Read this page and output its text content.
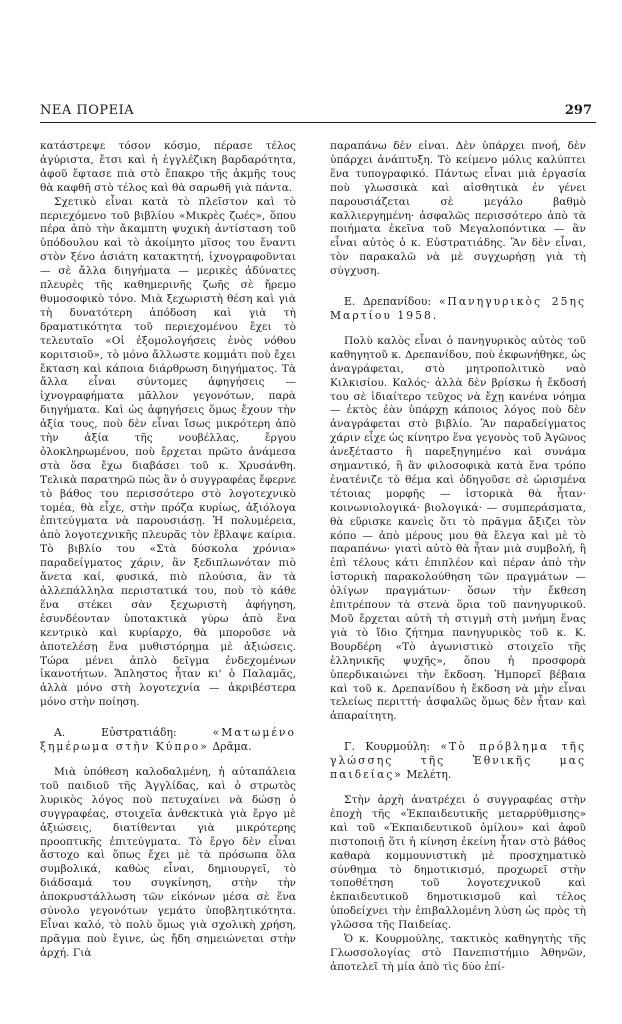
ΝΕΑ ΠΟΡΕΙΑ	297

κατάστρεψε τόσον κόσμο, πέρασε τέλος ἀγύριστα, ἔτσι καὶ ἡ ἐγγλέζικη βαρδαρότητα, ἀφοῦ ἔφτασε πιὰ στὸ ἔπακρο τῆς ἀκμῆς τους θὰ καφθῆ στὸ τέλος καὶ θὰ σαρωθῆ γιὰ πάντα.

Σχετικὸ εἶναι κατὰ τὸ πλεῖστον καὶ τὸ περιεχόμενο τοῦ βιβλίου «Μικρὲς ζωές», ὅπου πέρα ἀπὸ τὴν ἄκαμπτη ψυχικὴ ἀντίσταση τοῦ ὑπόδουλου καὶ τὸ ἀκοίμητο μῖσος του ἔναντι στὸν ξένο ἀσιάτη κατακτητή, ἰχνογραφοῦνται — σὲ ἄλλα διηγήματα — μερικὲς ἀδύνατες πλευρὲς τῆς καθημερινῆς ζωῆς σὲ ἤρεμο θυμοσοφικὸ τόνο. Μιὰ ξεχωριστὴ θέση καὶ γιὰ τὴ δυνατότερη ἀπόδοση καὶ γιὰ τὴ δραματικότητα τοῦ περιεχομένου ἔχει τὸ τελευταῖο «Οἱ ἑξομολογήσεις ἑνὸς νόθου κοριτσιοῦ», τὸ μόνο ἄλλωστε κομμάτι ποὺ ἔχει ἔκταση καὶ κάποια διάρθρωση διηγήματος. Τὰ ἄλλα εἶναι σύντομες ἀφηγήσεις — ἰχνογραφήματα μᾶλλον γεγονότων, παρὰ διηγήματα. Καὶ ὡς ἀφηγήσεις ὅμως ἔχουν τὴν ἀξία τους, ποὺ δὲν εἶναι ἴσως μικρότερη ἀπὸ τὴν ἀξία τῆς νουβέλλας, ἔργου ὁλοκληρωμένου, ποὺ ἔρχεται πρῶτο ἀνάμεσα στὰ ὅσα ἔχω διαβάσει τοῦ κ. Χρυσάνθη. Τελικὰ παρατηρῶ πὼς ἂν ὁ συγγραφέας ἔφερνε τὸ βάθος του περισσότερο στὸ λογοτεχνικὸ τομέα, θὰ εἶχε, στὴν πρόζα κυρίως, ἀξιόλογα ἐπιτεύγματα νὰ παρουσιάσῃ. Ἡ πολυμέρεια, ἀπὸ λογοτεχνικῆς πλευρᾶς τὸν ἔβλαψε καίρια. Τὸ βιβλίο του «Στὰ δύσκολα χρόνια» παραδείγματος χάριν, ἂν ξεδιπλωνόταν πιὸ ἄνετα καί, φυσικά, πιὸ πλούσια, ἂν τὰ ἀλλεπάλληλα περιστατικά του, ποὺ τὸ κάθε ἕνα στέκει σὰν ξεχωριστὴ ἀφήγηση, ἐσυνδέονταν ὑποτακτικὰ γύρω ἀπὸ ἕνα κεντρικὸ καὶ κυρίαρχο, θὰ μποροῦσε νὰ ἀποτελέσῃ ἕνα μυθιστόρημα μὲ ἀξιώσεις. Τώρα μένει ἀπλὸ δεῖγμα ἐνδεχομένων ἱκανοτήτων. Ἄπληστος ἦταν κι' ὁ Παλαμᾶς, ἀλλὰ μόνο στὴ λογοτεχνία — ἀκριβέστερα μόνο στὴν ποίηση.

Α. Εὐστρατιάδη:	«Ματωμένο ξημέρωμα στὴν Κύπρο» Δρᾶμα.

Μιὰ ὑπόθεση καλοδαλμένη, ἡ αὐταπάλεια τοῦ παιδιοῦ τῆς Ἀγγλίδας, καὶ ὁ στρωτὸς λυρικὸς λόγος ποὺ πετυχαίνει νὰ δώσῃ ὁ συγγραφέας, στοιχεῖα ἀνθεκτικὰ γιὰ ἔργο μὲ ἀξιώσεις, διατίθενται γιὰ μικρότερης προοπτικῆς ἐπιτεύγματα. Τὸ ἔργο δὲν εἶναι ἄστοχο καὶ ὅπως ἔχει μὲ τὰ πρόσωπα ὅλα συμβολικά, καθὼς εἶναι, δημιουργεῖ, τὸ διάδσαμά του συγκίνηση, στὴν τὴν ἀποκρυστάλλωση τῶν εἰκόνων μέσα σὲ ἕνα σύνολο γεγονότων γεμάτο ὑποβλητικότητα. Εἶναι καλό, τὸ πολὺ ὅμως γιὰ σχολικὴ χρήση, πρᾶγμα ποὺ ἔγινε, ὡς ἤδη σημειώνεται στὴν ἀρχή. Γιὰ

παραπάνω δὲν εἶναι. Δὲν ὑπάρχει πνοή, δὲν ὑπάρχει ἀνάπτυξη. Τὸ κείμενο μόλις καλύπτει ἕνα τυπογραφικό. Πάντως εἶναι μιὰ ἐργασία ποὺ γλωσσικὰ καὶ αἰσθητικὰ ἐν γένει παρουσιάζεται σὲ μεγάλο βαθμὸ καλλιεργημένη· ἀσφαλῶς περισσότερο ἀπὸ τὰ ποιήματα ἐκεῖνα τοῦ Μεγαλοπόντικα — ἂν εἶναι αὐτὸς ὁ κ. Εὐστρατιάδης. Ἂν δὲν εἶναι, τὸν παρακαλῶ νὰ μὲ συγχωρήσῃ γιὰ τὴ σύγχυση.

Ε. Δρεπανίδου: «Πανηγυρικὸς 25ης Μαρτίου 1958.

Πολὺ καλὸς εἶναι ὁ πανηγυρικὸς αὐτὸς τοῦ καθηγητοῦ κ. Δρεπανίδου, ποὺ ἐκφωνήθηκε, ὡς ἀναγράφεται, στὸ μητροπολιτικὸ ναὸ Κιλκισίου. Καλός· ἀλλὰ δὲν βρίσκω ἡ ἔκδοσή του σὲ ἰδιαίτερο τεῦχος νὰ ἔχῃ κανένα νόημα — ἐκτὸς ἐὰν ὑπάρχῃ κάποιος λόγος ποὺ δὲν ἀναγράφεται στὸ βιβλίο. Ἂν παραδείγματος χάριν εἶχε ὡς κίνητρο ἕνα γεγονὸς τοῦ Ἀγῶνος ἀνεξέταστο ἢ παρεξηγημένο καὶ συνάμα σημαντικό, ἢ ἂν φιλοσοφικὰ κατὰ ἕνα τρόπο ἐνατένιζε τὸ θέμα καὶ ὁδηγοῦσε σὲ ὡρισμένα τέτοιας μορφῆς — ἱστορικὰ θὰ ἦταν· κοινωνιολογικά· βιολογικά· — συμπεράσματα, θὰ εὕρισκε κανεὶς ὅτι τὸ πρᾶγμα ἄξιζει τὸν κόπο — ἀπὸ μέρους μου θὰ ἔλεγα καὶ μὲ τὸ παραπάνω· γιατὶ αὐτὸ θὰ ἦταν μιὰ συμβολή, ἢ ἐπὶ τέλους κάτι ἐπιπλέον καὶ πέραν ἀπὸ τὴν ἱστορικὴ παρακολούθηση τῶν πραγμάτων — ὀλίγων πραγμάτων· ὅσων τὴν ἔκθεση ἐπιτρέπουν τὰ στενὰ ὅρια τοῦ πανηγυρικοῦ. Μοῦ ἔρχεται αὐτὴ τὴ στιγμὴ στὴ μνήμη ἕνας γιὰ τὸ ἴδιο ζήτημα πανηγυρικὸς τοῦ κ. Κ. Βουρδέρη «Τὸ ἀγωνιστικὸ στοιχεῖο τῆς ἑλληνικῆς ψυχῆς», ὅπου ἡ προσφορὰ ὑπερδικαιώνει τὴν ἔκδοση. Ἠμπορεῖ βέβαια καὶ τοῦ κ. Δρεπανίδου ἡ ἔκδοση νὰ μὴν εἶναι τελείως περιττή· ἀσφαλῶς ὅμως δὲν ἦταν καὶ ἀπαραίτητη.

Γ. Κουρμούλη: «Τὸ πρόβλημα τῆς γλώσσης τῆς Ἑθνικῆς μας παιδείας» Μελέτη.

Στὴν ἀρχὴ ἀνατρέχει ὁ συγγραφέας στὴν ἐποχὴ τῆς «Ἐκπαιδευτικῆς μεταρρύθμισης» καὶ τοῦ «Ἐκπαιδευτικοῦ ὁμίλου» καὶ ἀφοῦ πιστοποιῇ ὅτι ἡ κίνηση ἐκείνη ἦταν στὸ βάθος καθαρὰ κομμουνιστικὴ μὲ προσχηματικὸ σύνθημα τὸ δημοτικισμό, προχωρεῖ στὴν τοποθέτηση τοῦ λογοτεχνικοῦ καὶ ἐκπαιδευτικοῦ δημοτικισμοῦ καὶ τέλος ὑποδείχνει τὴν ἐπιβαλλομένη λύση ὡς πρὸς τὴ γλῶσσα τῆς Παιδείας.

Ὁ κ. Κουρμούλης, τακτικὸς καθηγητὴς τῆς Γλωσσολογίας στὸ Πανεπιστήμιο Ἀθηνῶν, ἀποτελεῖ τὴ μία ἀπὸ τὶς δύο ἐπί-
